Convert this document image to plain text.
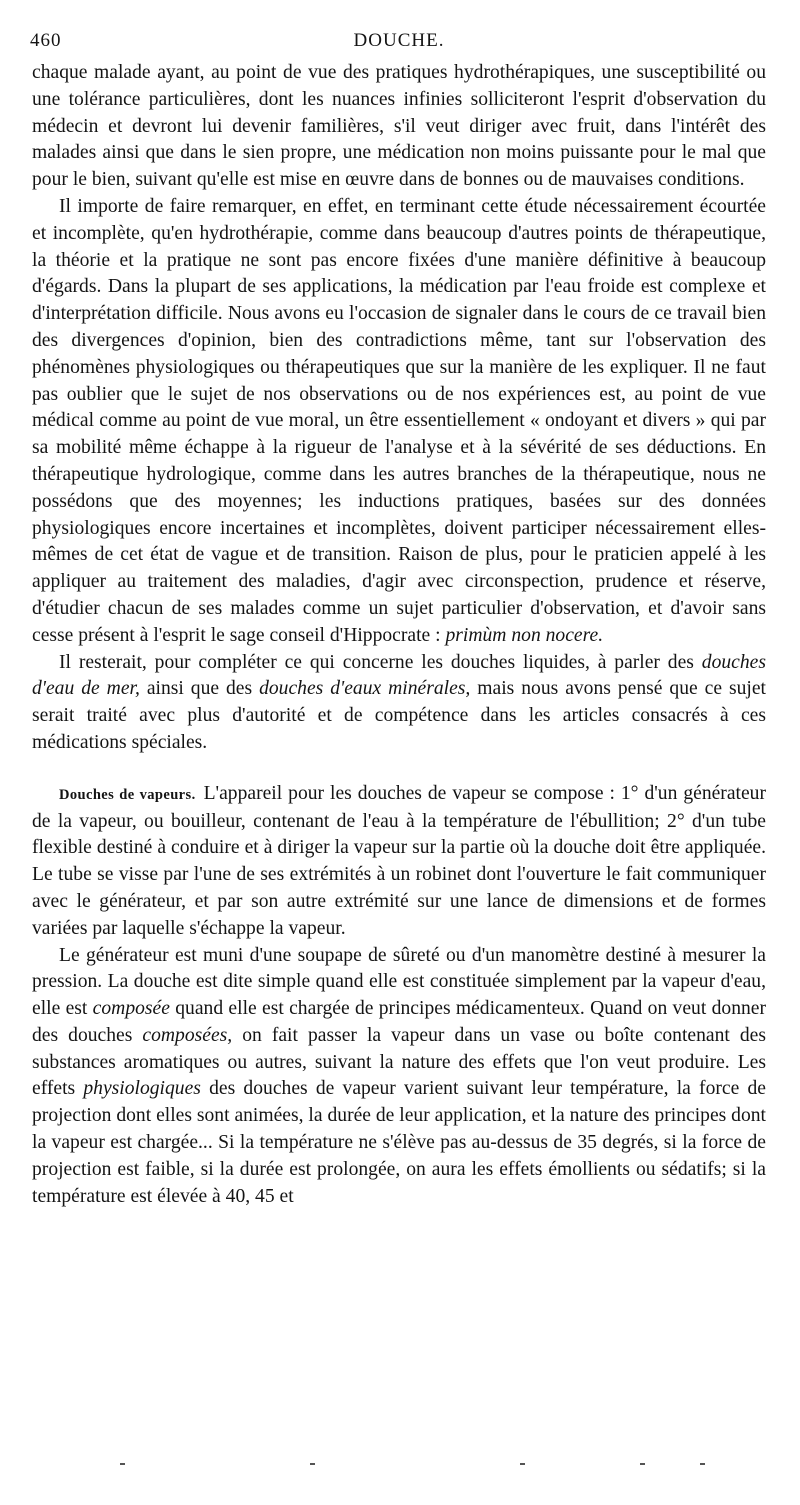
460	DOUCHE.

chaque malade ayant, au point de vue des pratiques hydrothérapiques, une susceptibilité ou une tolérance particulières, dont les nuances infinies solliciteront l'esprit d'observation du médecin et devront lui devenir familières, s'il veut diriger avec fruit, dans l'intérêt des malades ainsi que dans le sien propre, une médication non moins puissante pour le mal que pour le bien, suivant qu'elle est mise en œuvre dans de bonnes ou de mauvaises conditions.

Il importe de faire remarquer, en effet, en terminant cette étude nécessairement écourtée et incomplète, qu'en hydrothérapie, comme dans beaucoup d'autres points de thérapeutique, la théorie et la pratique ne sont pas encore fixées d'une manière définitive à beaucoup d'égards. Dans la plupart de ses applications, la médication par l'eau froide est complexe et d'interprétation difficile. Nous avons eu l'occasion de signaler dans le cours de ce travail bien des divergences d'opinion, bien des contradictions même, tant sur l'observation des phénomènes physiologiques ou thérapeutiques que sur la manière de les expliquer. Il ne faut pas oublier que le sujet de nos observations ou de nos expériences est, au point de vue médical comme au point de vue moral, un être essentiellement « ondoyant et divers » qui par sa mobilité même échappe à la rigueur de l'analyse et à la sévérité de ses déductions. En thérapeutique hydrologique, comme dans les autres branches de la thérapeutique, nous ne possédons que des moyennes; les inductions pratiques, basées sur des données physiologiques encore incertaines et incomplètes, doivent participer nécessairement elles-mêmes de cet état de vague et de transition. Raison de plus, pour le praticien appelé à les appliquer au traitement des maladies, d'agir avec circonspection, prudence et réserve, d'étudier chacun de ses malades comme un sujet particulier d'observation, et d'avoir sans cesse présent à l'esprit le sage conseil d'Hippocrate : primùm non nocere.

Il resterait, pour compléter ce qui concerne les douches liquides, à parler des douches d'eau de mer, ainsi que des douches d'eaux minérales, mais nous avons pensé que ce sujet serait traité avec plus d'autorité et de compétence dans les articles consacrés à ces médications spéciales.

Douches de vapeurs. L'appareil pour les douches de vapeur se compose : 1° d'un générateur de la vapeur, ou bouilleur, contenant de l'eau à la température de l'ébullition; 2° d'un tube flexible destiné à conduire et à diriger la vapeur sur la partie où la douche doit être appliquée. Le tube se visse par l'une de ses extrémités à un robinet dont l'ouverture le fait communiquer avec le générateur, et par son autre extrémité sur une lance de dimensions et de formes variées par laquelle s'échappe la vapeur.

Le générateur est muni d'une soupape de sûreté ou d'un manomètre destiné à mesurer la pression. La douche est dite simple quand elle est constituée simplement par la vapeur d'eau, elle est composée quand elle est chargée de principes médicamenteux. Quand on veut donner des douches composées, on fait passer la vapeur dans un vase ou boîte contenant des substances aromatiques ou autres, suivant la nature des effets que l'on veut produire. Les effets physiologiques des douches de vapeur varient suivant leur température, la force de projection dont elles sont animées, la durée de leur application, et la nature des principes dont la vapeur est chargée... Si la température ne s'élève pas au-dessus de 35 degrés, si la force de projection est faible, si la durée est prolongée, on aura les effets émollients ou sédatifs; si la température est élevée à 40, 45 et
